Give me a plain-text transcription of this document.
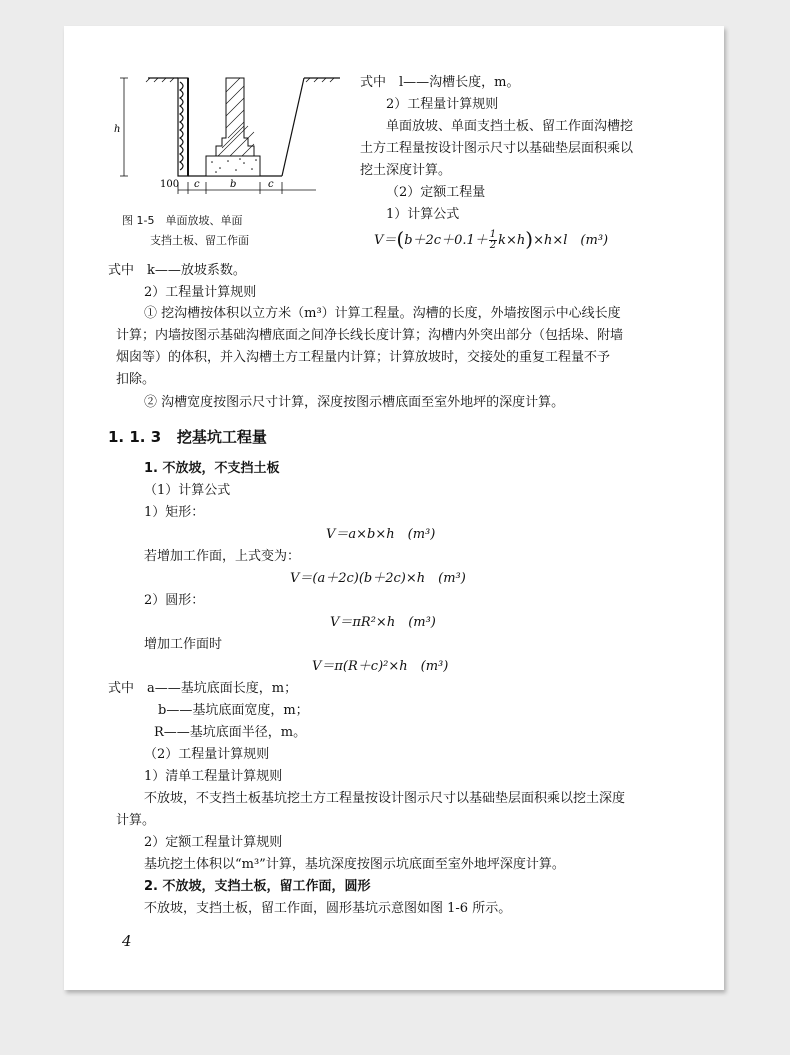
h
100 c	b	c
图 1-5　单面放坡、单面
支挡土板、留工作面
式中　l——沟槽长度，m。
2）工程量计算规则
单面放坡、单面支挡土板、留工作面沟槽挖
土方工程量按设计图示尺寸以基础垫层面积乘以
挖土深度计算。
（2）定额工程量
1）计算公式
$V=(b+2c+0.1+ \frac{1}{2} k\times h)\times h\times l$　(m³)
式中　k——放坡系数。
2）工程量计算规则
① 挖沟槽按体积以立方米（m³）计算工程量。沟槽的长度，外墙按图示中心线长度
计算；内墙按图示基础沟槽底面之间净长线长度计算；沟槽内外突出部分（包括垛、附墙
烟囱等）的体积，并入沟槽土方工程量内计算；计算放坡时，交接处的重复工程量不予
扣除。
② 沟槽宽度按图示尺寸计算，深度按图示槽底面至室外地坪的深度计算。
1. 1. 3 挖基坑工程量
1. 不放坡，不支挡土板
（1）计算公式
1）矩形：
V＝a×b×h　(m³)
若增加工作面，上式变为：
V＝(a＋2c)(b＋2c)×h　(m³)
2）圆形：
V＝πR²×h　(m³)
增加工作面时
V＝π(R＋c)²×h　(m³)
式中　a——基坑底面长度，m；
b——基坑底面宽度，m；
R——基坑底面半径，m。
（2）工程量计算规则
1）清单工程量计算规则
不放坡，不支挡土板基坑挖土方工程量按设计图示尺寸以基础垫层面积乘以挖土深度
计算。
2）定额工程量计算规则
基坑挖土体积以“m³”计算，基坑深度按图示坑底面至室外地坪深度计算。
2. 不放坡，支挡土板，留工作面，圆形
不放坡，支挡土板，留工作面，圆形基坑示意图如图 1-6 所示。
4
